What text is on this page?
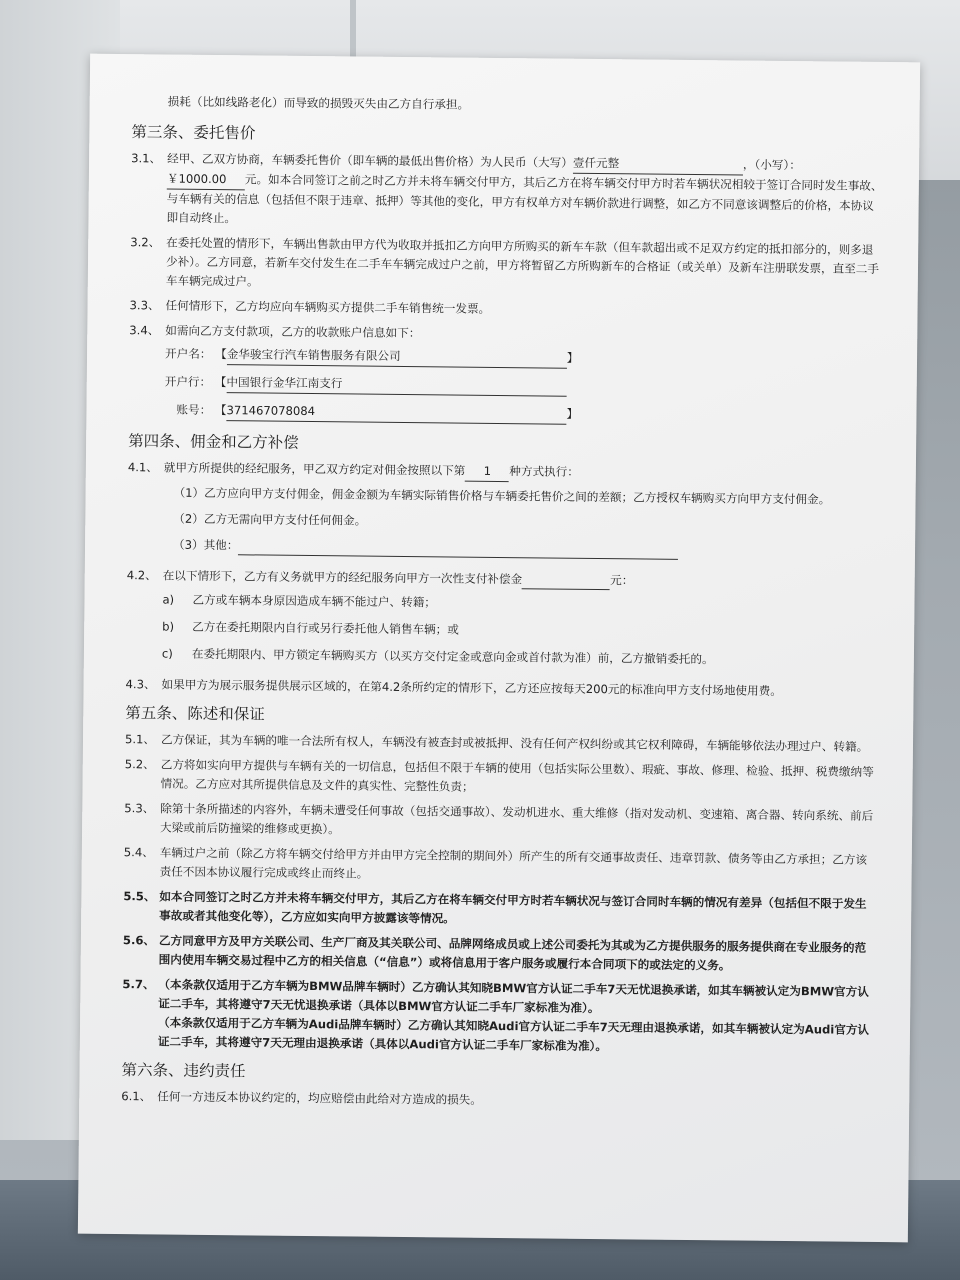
损耗（比如线路老化）而导致的损毁灭失由乙方自行承担。
第三条、委托售价
3.1、 经甲、乙双方协商，车辆委托售价（即车辆的最低出售价格）为人民币（大写）壹仟元整	，（小写）：
￥1000.00 元。如本合同签订之前之时乙方并未将车辆交付甲方，其后乙方在将车辆交付甲方时若车辆状况相较于签订合同时发生事故、与车辆有关的信息（包括但不限于违章、抵押）等其他的变化，甲方有权单方对车辆价款进行调整，如乙方不同意该调整后的价格，本协议即自动终止。
3.2、 在委托处置的情形下，车辆出售款由甲方代为收取并抵扣乙方向甲方所购买的新车车款（但车款超出或不足双方约定的抵扣部分的，则多退少补）。乙方同意，若新车交付发生在二手车车辆完成过户之前，甲方将暂留乙方所购新车的合格证（或关单）及新车注册联发票，直至二手车车辆完成过户。
3.3、 任何情形下，乙方均应向车辆购买方提供二手车销售统一发票。
3.4、 如需向乙方支付款项，乙方的收款账户信息如下：
开户名： 【金华骏宝行汽车销售服务有限公司	】
开户行： 【中国银行金华江南支行
账号： 【371467078084	】
第四条、佣金和乙方补偿
4.1、 就甲方所提供的经纪服务，甲乙双方约定对佣金按照以下第 1 种方式执行：
（1）乙方应向甲方支付佣金，佣金金额为车辆实际销售价格与车辆委托售价之间的差额；乙方授权车辆购买方向甲方支付佣金。
（2）乙方无需向甲方支付任何佣金。
（3）其他：
4.2、 在以下情形下，乙方有义务就甲方的经纪服务向甲方一次性支付补偿金	元：
a) 乙方或车辆本身原因造成车辆不能过户、转籍；
b) 乙方在委托期限内自行或另行委托他人销售车辆；或
c) 在委托期限内、甲方锁定车辆购买方（以买方交付定金或意向金或首付款为准）前，乙方撤销委托的。
4.3、 如果甲方为展示服务提供展示区域的，在第4.2条所约定的情形下，乙方还应按每天200元的标准向甲方支付场地使用费。
第五条、陈述和保证
5.1、 乙方保证，其为车辆的唯一合法所有权人，车辆没有被查封或被抵押、没有任何产权纠纷或其它权利障碍，车辆能够依法办理过户、转籍。
5.2、 乙方将如实向甲方提供与车辆有关的一切信息，包括但不限于车辆的使用（包括实际公里数）、瑕疵、事故、修理、检验、抵押、税费缴纳等情况。乙方应对其所提供信息及文件的真实性、完整性负责；
5.3、 除第十条所描述的内容外，车辆未遭受任何事故（包括交通事故）、发动机进水、重大维修（指对发动机、变速箱、离合器、转向系统、前后大梁或前后防撞梁的维修或更换）。
5.4、 车辆过户之前（除乙方将车辆交付给甲方并由甲方完全控制的期间外）所产生的所有交通事故责任、违章罚款、债务等由乙方承担；乙方该责任不因本协议履行完成或终止而终止。
5.5、 如本合同签订之时乙方并未将车辆交付甲方，其后乙方在将车辆交付甲方时若车辆状况与签订合同时车辆的情况有差异（包括但不限于发生事故或者其他变化等），乙方应如实向甲方披露该等情况。
5.6、 乙方同意甲方及甲方关联公司、生产厂商及其关联公司、品牌网络成员或上述公司委托为其或为乙方提供服务的服务提供商在专业服务的范围内使用车辆交易过程中乙方的相关信息（“信息”）或将信息用于客户服务或履行本合同项下的或法定的义务。
5.7、 （本条款仅适用于乙方车辆为BMW品牌车辆时）乙方确认其知晓BMW官方认证二手车7天无忧退换承诺，如其车辆被认定为BMW官方认证二手车，其将遵守7天无忧退换承诺（具体以BMW官方认证二手车厂家标准为准）。
（本条款仅适用于乙方车辆为Audi品牌车辆时）乙方确认其知晓Audi官方认证二手车7天无理由退换承诺，如其车辆被认定为Audi官方认证二手车，其将遵守7天无理由退换承诺（具体以Audi官方认证二手车厂家标准为准）。
第六条、违约责任
6.1、 任何一方违反本协议约定的，均应赔偿由此给对方造成的损失。
